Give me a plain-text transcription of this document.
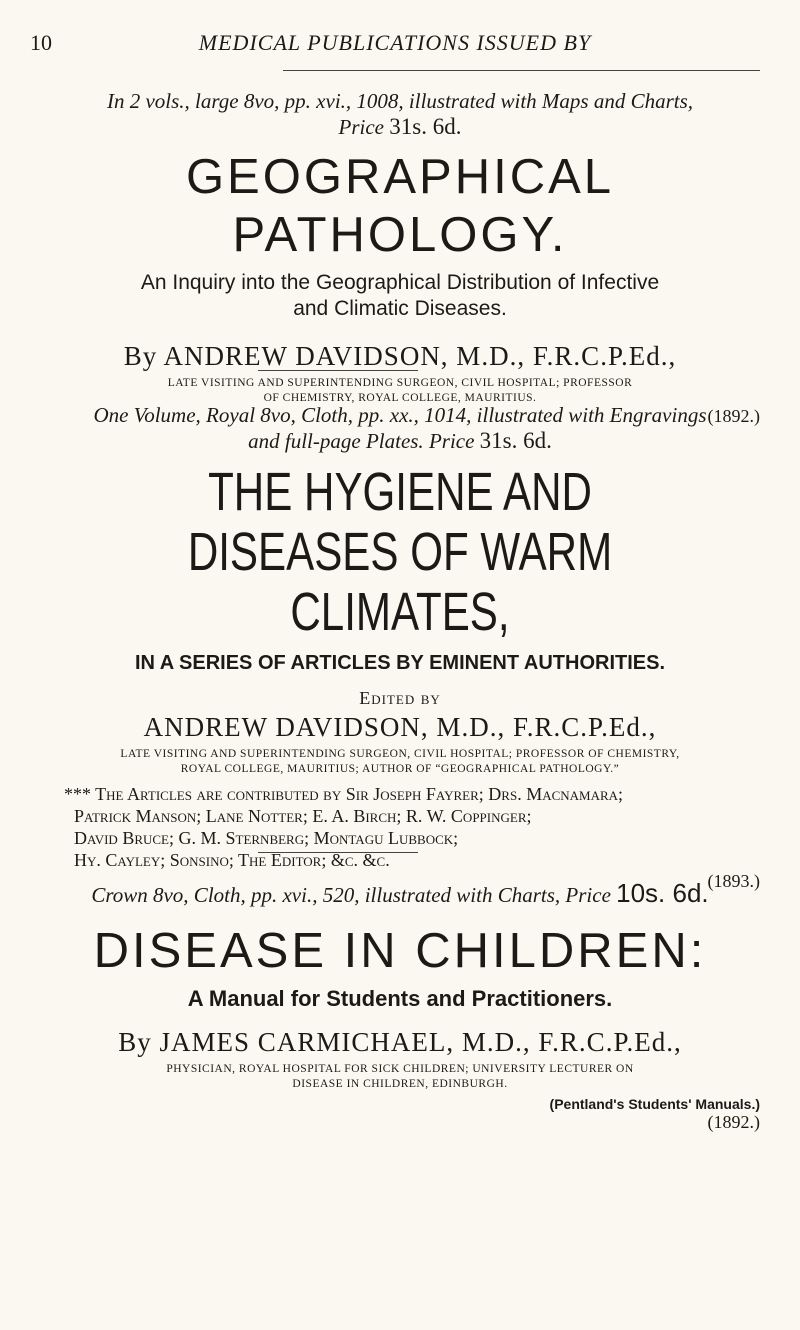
10	MEDICAL PUBLICATIONS ISSUED BY
In 2 vols., large 8vo, pp. xvi., 1008, illustrated with Maps and Charts,
Price 31s. 6d.
GEOGRAPHICAL PATHOLOGY.
An Inquiry into the Geographical Distribution of Infective
and Climatic Diseases.
By ANDREW DAVIDSON, M.D., F.R.C.P.Ed.,
LATE VISITING AND SUPERINTENDING SURGEON, CIVIL HOSPITAL; PROFESSOR
OF CHEMISTRY, ROYAL COLLEGE, MAURITIUS.
(1892.)
One Volume, Royal 8vo, Cloth, pp. xx., 1014, illustrated with Engravings
and full-page Plates. Price 31s. 6d.
THE HYGIENE AND
DISEASES OF WARM CLIMATES,
IN A SERIES OF ARTICLES BY EMINENT AUTHORITIES.
Edited by
ANDREW DAVIDSON, M.D., F.R.C.P.Ed.,
LATE VISITING AND SUPERINTENDING SURGEON, CIVIL HOSPITAL; PROFESSOR OF CHEMISTRY,
ROYAL COLLEGE, MAURITIUS; AUTHOR OF “GEOGRAPHICAL PATHOLOGY.”
*** The Articles are contributed by Sir Joseph Fayrer; Drs. Macnamara;
Patrick Manson; Lane Notter; E. A. Birch; R. W. Coppinger;
David Bruce; G. M. Sternberg; Montagu Lubbock;
Hy. Cayley; Sonsino; The Editor; &c. &c.
(1893.)
Crown 8vo, Cloth, pp. xvi., 520, illustrated with Charts, Price 10s. 6d.
DISEASE IN CHILDREN:
A Manual for Students and Practitioners.
By JAMES CARMICHAEL, M.D., F.R.C.P.Ed.,
PHYSICIAN, ROYAL HOSPITAL FOR SICK CHILDREN; UNIVERSITY LECTURER ON
DISEASE IN CHILDREN, EDINBURGH.
(Pentland's Students' Manuals.)
(1892.)
